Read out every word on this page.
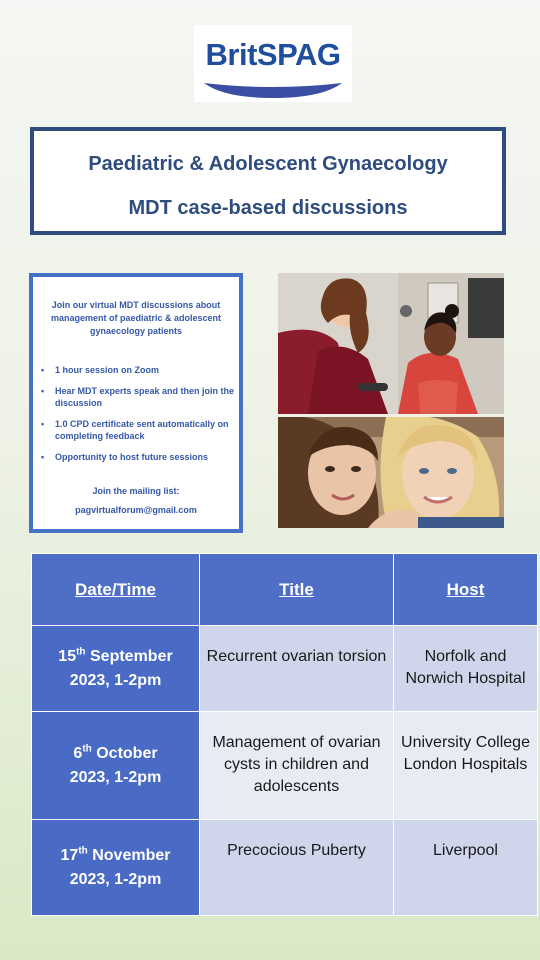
BritSPAG
Paediatric & Adolescent Gynaecology
MDT case-based discussions
Join our virtual MDT discussions about management of paediatric & adolescent gynaecology patients
• 1 hour session on Zoom
• Hear MDT experts speak and then join the discussion
• 1.0 CPD certificate sent automatically on completing feedback
• Opportunity to host future sessions
Join the mailing list:
pagvirtualforum@gmail.com
Date/Time	Title	Host
15th September
2023, 1-2pm	Recurrent ovarian torsion	Norfolk and Norwich Hospital
6th October
2023, 1-2pm	Management of ovarian cysts in children and adolescents	University College London Hospitals
17th November
2023, 1-2pm	Precocious Puberty	Liverpool
